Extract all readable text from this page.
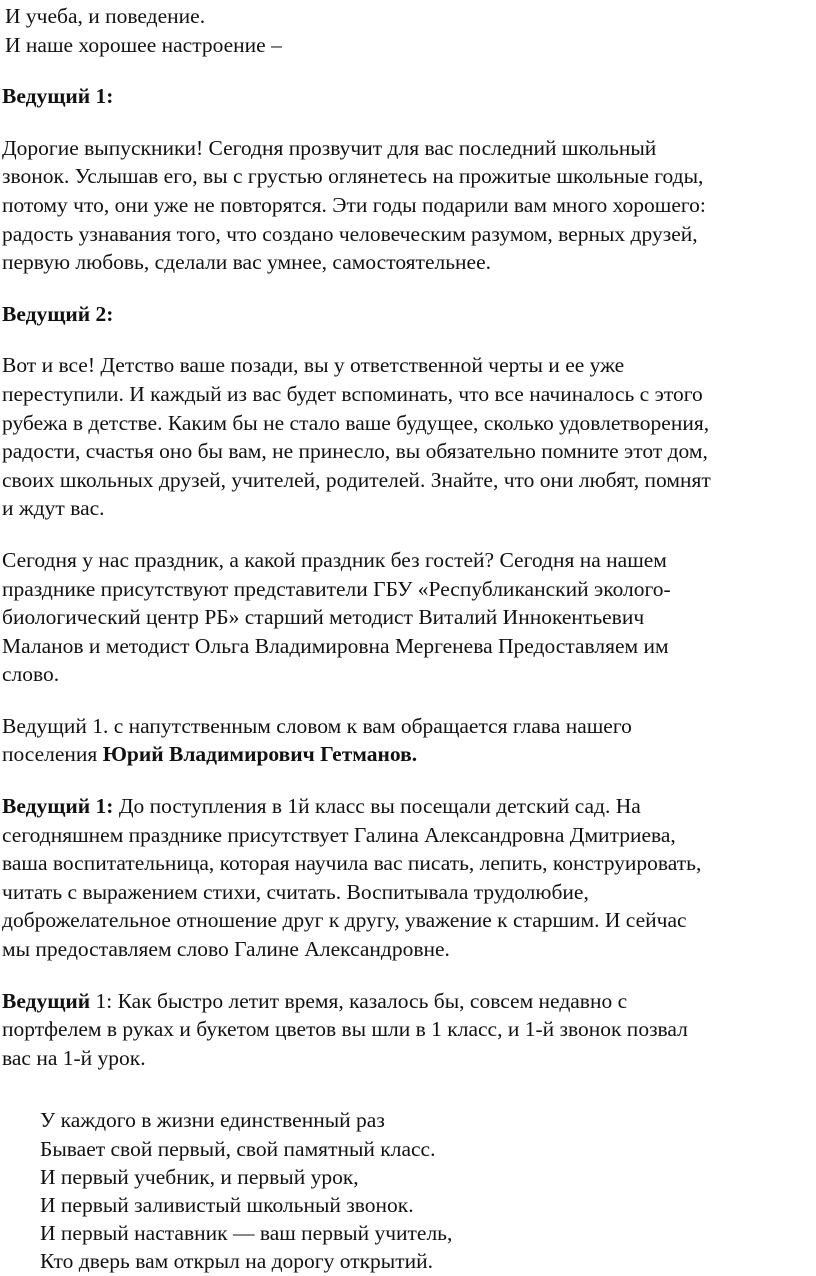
И учеба, и поведение.
И наше хорошее настроение –
Ведущий 1:
Дорогие выпускники! Сегодня прозвучит для вас последний школьный
звонок. Услышав его, вы с грустью оглянетесь на прожитые школьные годы,
потому что, они уже не повторятся. Эти годы подарили вам много хорошего:
радость узнавания того, что создано человеческим разумом, верных друзей,
первую любовь, сделали вас умнее, самостоятельнее.
Ведущий 2:
Вот и все! Детство ваше позади, вы у ответственной черты и ее уже
переступили. И каждый из вас будет вспоминать, что все начиналось с этого
рубежа в детстве. Каким бы не стало ваше будущее, сколько удовлетворения,
радости, счастья оно бы вам, не принесло, вы обязательно помните этот дом,
своих школьных друзей, учителей, родителей. Знайте, что они любят, помнят
и ждут вас.
Сегодня у нас праздник, а какой праздник без гостей? Сегодня на нашем
празднике присутствуют представители ГБУ «Республиканский эколого-
биологический центр РБ» старший методист Виталий Иннокентьевич
Маланов и методист Ольга Владимировна Мергенева Предоставляем им
слово.
Ведущий 1. с напутственным словом к вам обращается глава нашего
поселения Юрий Владимирович Гетманов.
Ведущий 1: До поступления в 1й класс вы посещали детский сад. На
сегодняшнем празднике присутствует Галина Александровна Дмитриева,
ваша воспитательница, которая научила вас писать, лепить, конструировать,
читать с выражением стихи, считать. Воспитывала трудолюбие,
доброжелательное отношение друг к другу, уважение к старшим. И сейчас
мы предоставляем слово Галине Александровне.
Ведущий 1: Как быстро летит время, казалось бы, совсем недавно с
портфелем в руках и букетом цветов вы шли в 1 класс, и 1-й звонок позвал
вас на 1-й урок.
У каждого в жизни единственный раз
Бывает свой первый, свой памятный класс.
И первый учебник, и первый урок,
И первый заливистый школьный звонок.
И первый наставник — ваш первый учитель,
Кто дверь вам открыл на дорогу открытий.
